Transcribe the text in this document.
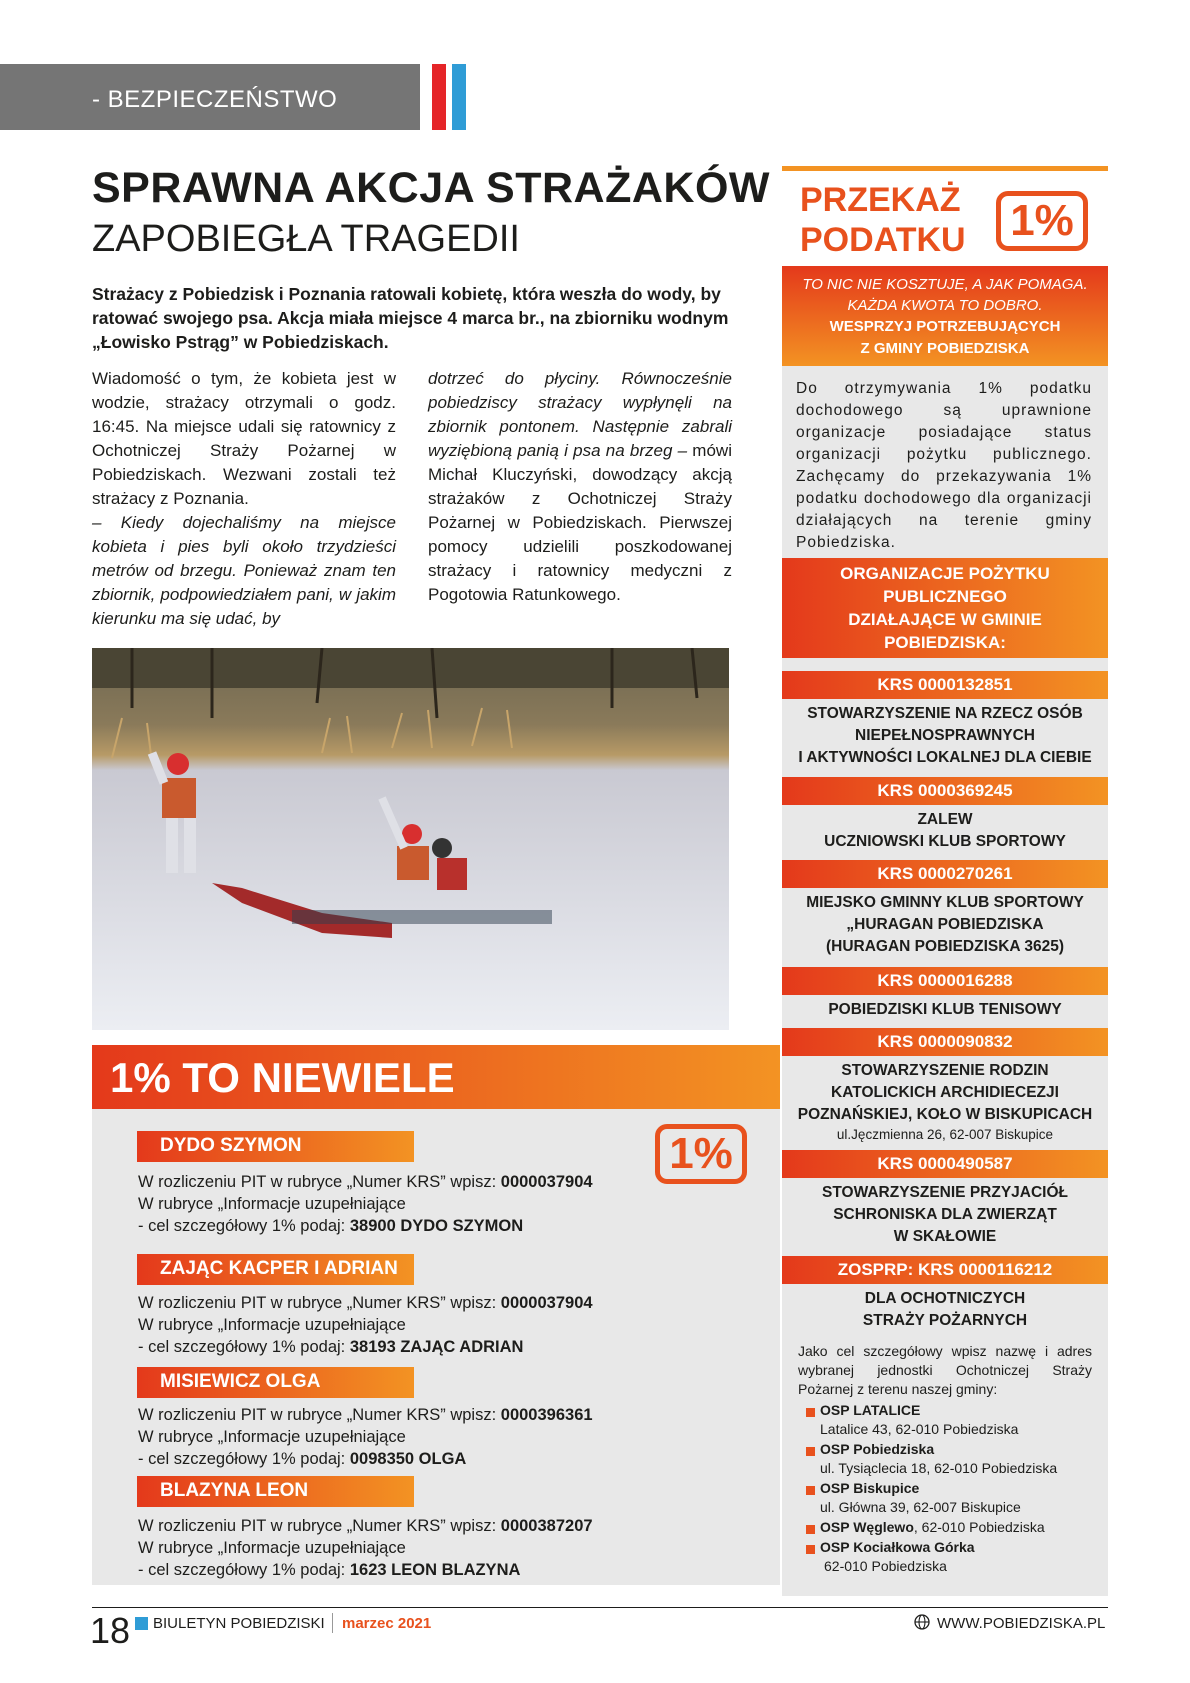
- BEZPIECZEŃSTWO
SPRAWNA AKCJA STRAŻAKÓW
ZAPOBIEGŁA TRAGEDII
Strażacy z Pobiedzisk i Poznania ratowali kobietę, która weszła do wody, by ratować swojego psa. Akcja miała miejsce 4 marca br., na zbiorniku wodnym „Łowisko Pstrąg” w Pobiedziskach.

Wiadomość o tym, że kobieta jest w wodzie, strażacy otrzymali o godz. 16:45. Na miejsce udali się ratownicy z Ochotniczej Straży Pożarnej w Pobiedziskach. Wezwani zostali też strażacy z Poznania.

– Kiedy dojechaliśmy na miejsce kobieta i pies byli około trzydzieści metrów od brzegu. Ponieważ znam ten zbiornik, podpowiedziałem pani, w jakim kierunku ma się udać, by

dotrzeć do płyciny. Równocześnie pobiedziscy strażacy wypłynęli na zbiornik pontonem. Następnie zabrali wyziębioną panią i psa na brzeg – mówi Michał Kluczyński, dowodzący akcją strażaków z Ochotniczej Straży Pożarnej w Pobiedziskach. Pierwszej pomocy udzielili poszkodowanej strażacy i ratownicy medyczni z Pogotowia Ratunkowego.

1% TO NIEWIELE
1%
DYDO SZYMON
W rozliczeniu PIT w rubryce „Numer KRS” wpisz: 0000037904
W rubryce „Informacje uzupełniające
- cel szczegółowy 1% podaj: 38900 DYDO SZYMON
ZAJĄC KACPER I ADRIAN
W rozliczeniu PIT w rubryce „Numer KRS” wpisz: 0000037904
W rubryce „Informacje uzupełniające
- cel szczegółowy 1% podaj: 38193 ZAJĄC ADRIAN
MISIEWICZ OLGA
W rozliczeniu PIT w rubryce „Numer KRS” wpisz: 0000396361
W rubryce „Informacje uzupełniające
- cel szczegółowy 1% podaj: 0098350 OLGA
BLAZYNA LEON
W rozliczeniu PIT w rubryce „Numer KRS” wpisz: 0000387207
W rubryce „Informacje uzupełniające
- cel szczegółowy 1% podaj: 1623 LEON BLAZYNA
PRZEKAŻ
PODATKU	1%
TO NIC NIE KOSZTUJE, A JAK POMAGA.
KAŻDA KWOTA TO DOBRO.
WESPRZYJ POTRZEBUJĄCYCH
Z GMINY POBIEDZISKA
Do otrzymywania 1% podatku dochodowego są uprawnione organizacje posiadające status organizacji pożytku publicznego. Zachęcamy do przekazywania 1% podatku dochodowego dla organizacji działających na terenie gminy Pobiedziska.
ORGANIZACJE POŻYTKU
PUBLICZNEGO
DZIAŁAJĄCE W GMINIE
POBIEDZISKA:
KRS 0000132851
STOWARZYSZENIE NA RZECZ OSÓB
NIEPEŁNOSPRAWNYCH
I AKTYWNOŚCI LOKALNEJ DLA CIEBIE
KRS 0000369245
ZALEW
UCZNIOWSKI KLUB SPORTOWY
KRS 0000270261
MIEJSKO GMINNY KLUB SPORTOWY
„HURAGAN POBIEDZISKA
(HURAGAN POBIEDZISKA 3625)
KRS 0000016288
POBIEDZISKI KLUB TENISOWY
KRS 0000090832
STOWARZYSZENIE RODZIN
KATOLICKICH ARCHIDIECEZJI
POZNAŃSKIEJ, KOŁO W BISKUPICACH
ul.Jęczmienna 26, 62-007 Biskupice
KRS 0000490587
STOWARZYSZENIE PRZYJACIÓŁ
SCHRONISKA DLA ZWIERZĄT
W SKAŁOWIE
ZOSPRP: KRS 0000116212
DLA OCHOTNICZYCH
STRAŻY POŻARNYCH
Jako cel szczegółowy wpisz nazwę i adres wybranej jednostki Ochotniczej Straży Pożarnej z terenu naszej gminy:
OSP LATALICE
Latalice 43, 62-010 Pobiedziska
OSP Pobiedziska
ul. Tysiąclecia 18, 62-010 Pobiedziska
OSP Biskupice
ul. Główna 39, 62-007 Biskupice
OSP Węglewo, 62-010 Pobiedziska
OSP Kociałkowa Górka
62-010 Pobiedziska
18 BIULETYN POBIEDZISKI marzec 2021	WWW.POBIEDZISKA.PL
